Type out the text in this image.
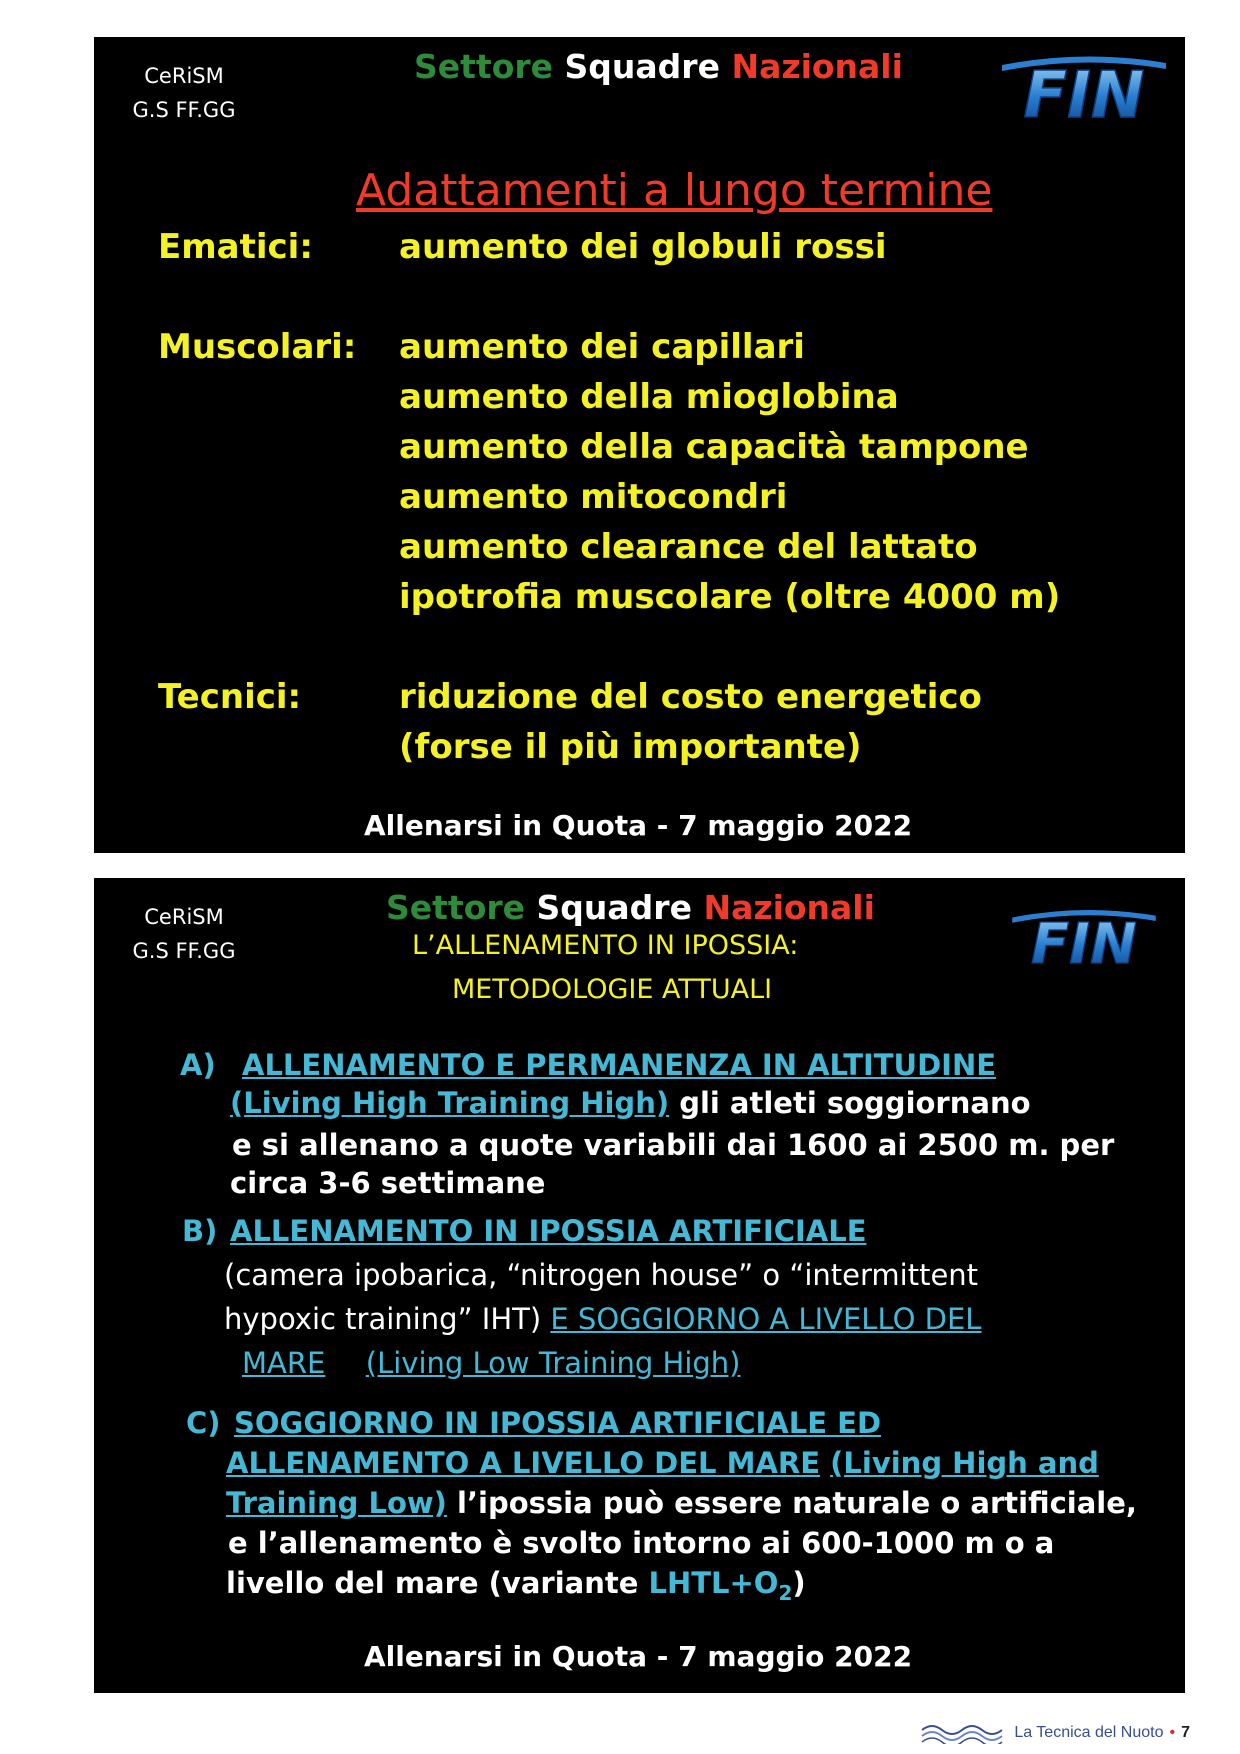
CeRiSM
G.S FF.GG
Settore Squadre Nazionali FIN
Adattamenti a lungo termine
Ematici:	aumento dei globuli rossi
Muscolari: aumento dei capillari
aumento della mioglobina
aumento della capacità tampone
aumento mitocondri
aumento clearance del lattato
ipotrofia muscolare (oltre 4000 m)
Tecnici:	riduzione del costo energetico
(forse il più importante)
Allenarsi in Quota - 7 maggio 2022
CeRiSM
G.S FF.GG
Settore Squadre Nazionali
FIN
L’ALLENAMENTO IN IPOSSIA:
METODOLOGIE ATTUALI
A) ALLENAMENTO E PERMANENZA IN ALTITUDINE
(Living High Training High) gli atleti soggiornano
e si allenano a quote variabili dai 1600 ai 2500 m. per
circa 3-6 settimane
B) ALLENAMENTO IN IPOSSIA ARTIFICIALE
(camera ipobarica, “nitrogen house” o “intermittent
hypoxic training” IHT) E SOGGIORNO A LIVELLO DEL
MARE (Living Low Training High)
C) SOGGIORNO IN IPOSSIA ARTIFICIALE ED
ALLENAMENTO A LIVELLO DEL MARE (Living High and
Training Low) l’ipossia può essere naturale o artificiale,
e l’allenamento è svolto intorno ai 600-1000 m o a
livello del mare (variante $LHTL+O_2$)
Allenarsi in Quota - 7 maggio 2022
La Tecnica del Nuoto • 7
